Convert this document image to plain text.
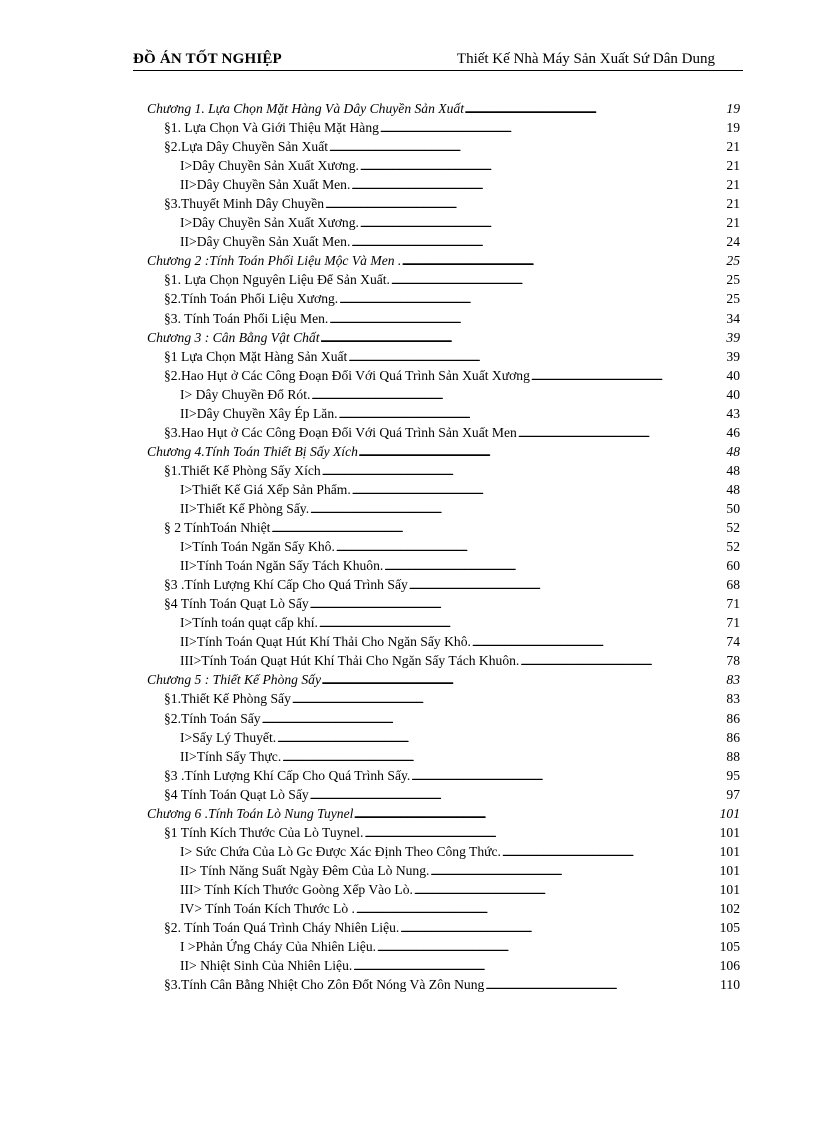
ĐỒ ÁN TỐT NGHIỆP	Thiết Kế Nhà Máy Sản Xuất Sứ Dân Dung
Chương 1. Lựa Chọn Mặt Hàng Và Dây Chuyền Sản Xuất . . .	19
§1. Lựa Chọn Và Giới Thiệu Mặt Hàng . . .	19
§2.Lựa Dây Chuyền Sản Xuất . . .	21
I>Dây Chuyền Sản Xuất Xương. . . .	21
II>Dây Chuyền Sản Xuất Men. . . .	21
§3.Thuyết Minh Dây Chuyền . . .	21
I>Dây Chuyền Sản Xuất Xương. . . .	21
II>Dây Chuyền Sản Xuất Men. . . .	24
Chương 2 :Tính Toán Phối Liệu Mộc Và Men . . . .	25
§1. Lựa Chọn Nguyên Liệu Để Sản Xuất. . . .	25
§2.Tính Toán Phối Liệu Xương. . . .	25
§3. Tính Toán Phối Liệu Men. . . .	34
Chương 3 : Cân Bằng Vật Chất . . .	39
§1 Lựa Chọn Mặt Hàng Sản Xuất . . .	39
§2.Hao Hụt ở Các Công Đoạn Đối Với Quá Trình Sản Xuất Xương . . .	40
I> Dây Chuyền Đổ Rót. . . .	40
II>Dây Chuyền Xây Ép Lăn. . . .	43
§3.Hao Hụt ở Các Công Đoạn Đối Với Quá Trình Sản Xuất Men . . .	46
Chương 4.Tính Toán Thiết Bị Sấy Xích . . .	48
§1.Thiết Kế Phòng Sấy Xích . . .	48
I>Thiết Kế Giá Xếp Sản Phẩm. . . .	48
II>Thiết Kế Phòng Sấy. . . .	50
§ 2 TínhToán Nhiệt . . .	52
I>Tính Toán Ngăn Sấy Khô. . . .	52
II>Tính Toán Ngăn Sấy Tách Khuôn. . . .	60
§3 .Tính Lượng Khí Cấp Cho Quá Trình Sấy . . .	68
§4 Tính Toán Quạt Lò Sấy . . .	71
I>Tính toán quạt cấp khí. . . .	71
II>Tính Toán Quạt Hút Khí Thải Cho Ngăn Sấy Khô. . . .	74
III>Tính Toán Quạt Hút Khí Thải Cho Ngăn Sấy Tách Khuôn. . . .	78
Chương 5 : Thiết Kế Phòng Sấy . . .	83
§1.Thiết Kế Phòng Sấy . . .	83
§2.Tính Toán Sấy . . .	86
I>Sấy Lý Thuyết. . . .	86
II>Tính Sấy Thực. . . .	88
§3 .Tính Lượng Khí Cấp Cho Quá Trình Sấy. . . .	95
§4 Tính Toán Quạt Lò Sấy . . .	97
Chương 6 .Tính Toán Lò Nung Tuynel . . .	101
§1 Tính Kích Thước Của Lò Tuynel. . . .	101
I> Sức Chứa Của Lò Gc Được Xác Định Theo Công Thức. . . .	101
II> Tính Năng Suất Ngày Đêm Của Lò Nung. . . .	101
III> Tính Kích Thước Goòng Xếp Vào Lò. . . .	101
IV> Tính Toán Kích Thước Lò . . . .	102
§2. Tính Toán Quá Trình Cháy Nhiên Liệu. . . .	105
I >Phản Ứng Cháy Của Nhiên Liệu. . . .	105
II> Nhiệt Sinh Của Nhiên Liệu. . . .	106
§3.Tính Cân Bằng Nhiệt Cho Zôn Đốt Nóng Và Zôn Nung . . .	110
